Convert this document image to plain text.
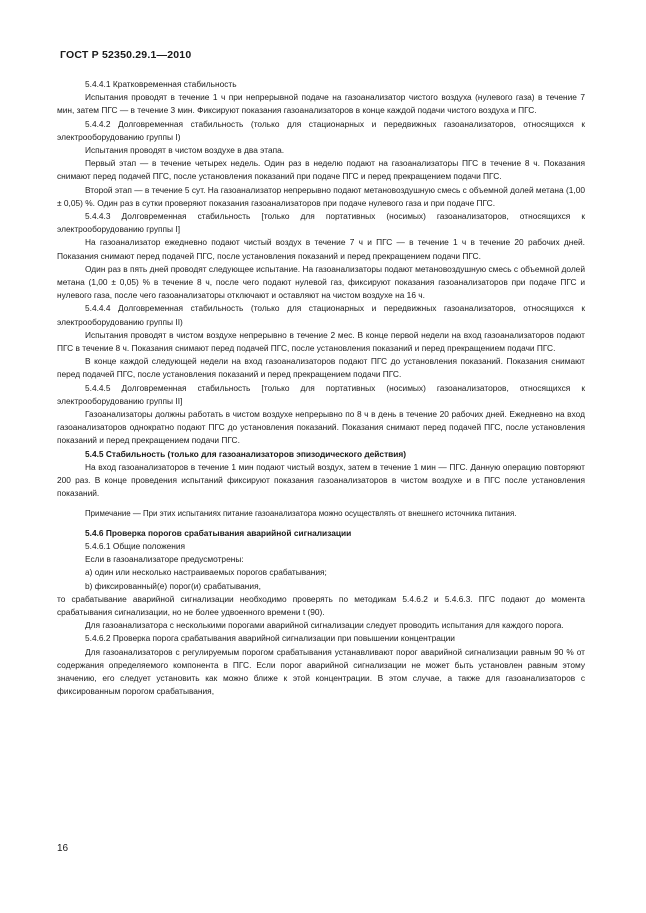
ГОСТ Р 52350.29.1—2010

5.4.4.1 Кратковременная стабильность

Испытания проводят в течение 1 ч при непрерывной подаче на газоанализатор чистого воздуха (нулевого газа) в течение 7 мин, затем ПГС — в течение 3 мин. Фиксируют показания газоанализаторов в конце каждой подачи чистого воздуха и ПГС.

5.4.4.2 Долговременная стабильность (только для стационарных и передвижных газоанализаторов, относящихся к электрооборудованию группы I)

Испытания проводят в чистом воздухе в два этапа.

Первый этап — в течение четырех недель. Один раз в неделю подают на газоанализаторы ПГС в течение 8 ч. Показания снимают перед подачей ПГС, после установления показаний при подаче ПГС и перед прекращением подачи ПГС.

Второй этап — в течение 5 сут. На газоанализатор непрерывно подают метановоздушную смесь с объемной долей метана (1,00 ± 0,05) %. Один раз в сутки проверяют показания газоанализаторов при подаче нулевого газа и при подаче ПГС.

5.4.4.3 Долговременная стабильность [только для портативных (носимых) газоанализаторов, относящихся к электрооборудованию группы I]

На газоанализатор ежедневно подают чистый воздух в течение 7 ч и ПГС — в течение 1 ч в течение 20 рабочих дней. Показания снимают перед подачей ПГС, после установления показаний и перед прекращением подачи ПГС.

Один раз в пять дней проводят следующее испытание. На газоанализаторы подают метановоздушную смесь с объемной долей метана (1,00 ± 0,05) % в течение 8 ч, после чего подают нулевой газ, фиксируют показания газоанализаторов при подаче ПГС и нулевого газа, после чего газоанализаторы отключают и оставляют на чистом воздухе на 16 ч.

5.4.4.4 Долговременная стабильность (только для стационарных и передвижных газоанализаторов, относящихся к электрооборудованию группы II)

Испытания проводят в чистом воздухе непрерывно в течение 2 мес. В конце первой недели на вход газоанализаторов подают ПГС в течение 8 ч. Показания снимают перед подачей ПГС, после установления показаний и перед прекращением подачи ПГС.

В конце каждой следующей недели на вход газоанализаторов подают ПГС до установления показаний. Показания снимают перед подачей ПГС, после установления показаний и перед прекращением подачи ПГС.

5.4.4.5 Долговременная стабильность [только для портативных (носимых) газоанализаторов, относящихся к электрооборудованию группы II]

Газоанализаторы должны работать в чистом воздухе непрерывно по 8 ч в день в течение 20 рабочих дней. Ежедневно на вход газоанализаторов однократно подают ПГС до установления показаний. Показания снимают перед подачей ПГС, после установления показаний и перед прекращением подачи ПГС.

5.4.5 Стабильность (только для газоанализаторов эпизодического действия)

На вход газоанализаторов в течение 1 мин подают чистый воздух, затем в течение 1 мин — ПГС. Данную операцию повторяют 200 раз. В конце проведения испытаний фиксируют показания газоанализаторов в чистом воздухе и в ПГС после установления показаний.

Примечание — При этих испытаниях питание газоанализатора можно осуществлять от внешнего источника питания.

5.4.6 Проверка порогов срабатывания аварийной сигнализации

5.4.6.1 Общие положения

Если в газоанализаторе предусмотрены:

а) один или несколько настраиваемых порогов срабатывания;

b) фиксированный(е) порог(и) срабатывания,

то срабатывание аварийной сигнализации необходимо проверять по методикам 5.4.6.2 и 5.4.6.3. ПГС подают до момента срабатывания сигнализации, но не более удвоенного времени t (90).

Для газоанализатора с несколькими порогами аварийной сигнализации следует проводить испытания для каждого порога.

5.4.6.2 Проверка порога срабатывания аварийной сигнализации при повышении концентрации

Для газоанализаторов с регулируемым порогом срабатывания устанавливают порог аварийной сигнализации равным 90 % от содержания определяемого компонента в ПГС. Если порог аварийной сигнализации не может быть установлен равным этому значению, его следует установить как можно ближе к этой концентрации. В этом случае, а также для газоанализаторов с фиксированным порогом срабатывания,

16
